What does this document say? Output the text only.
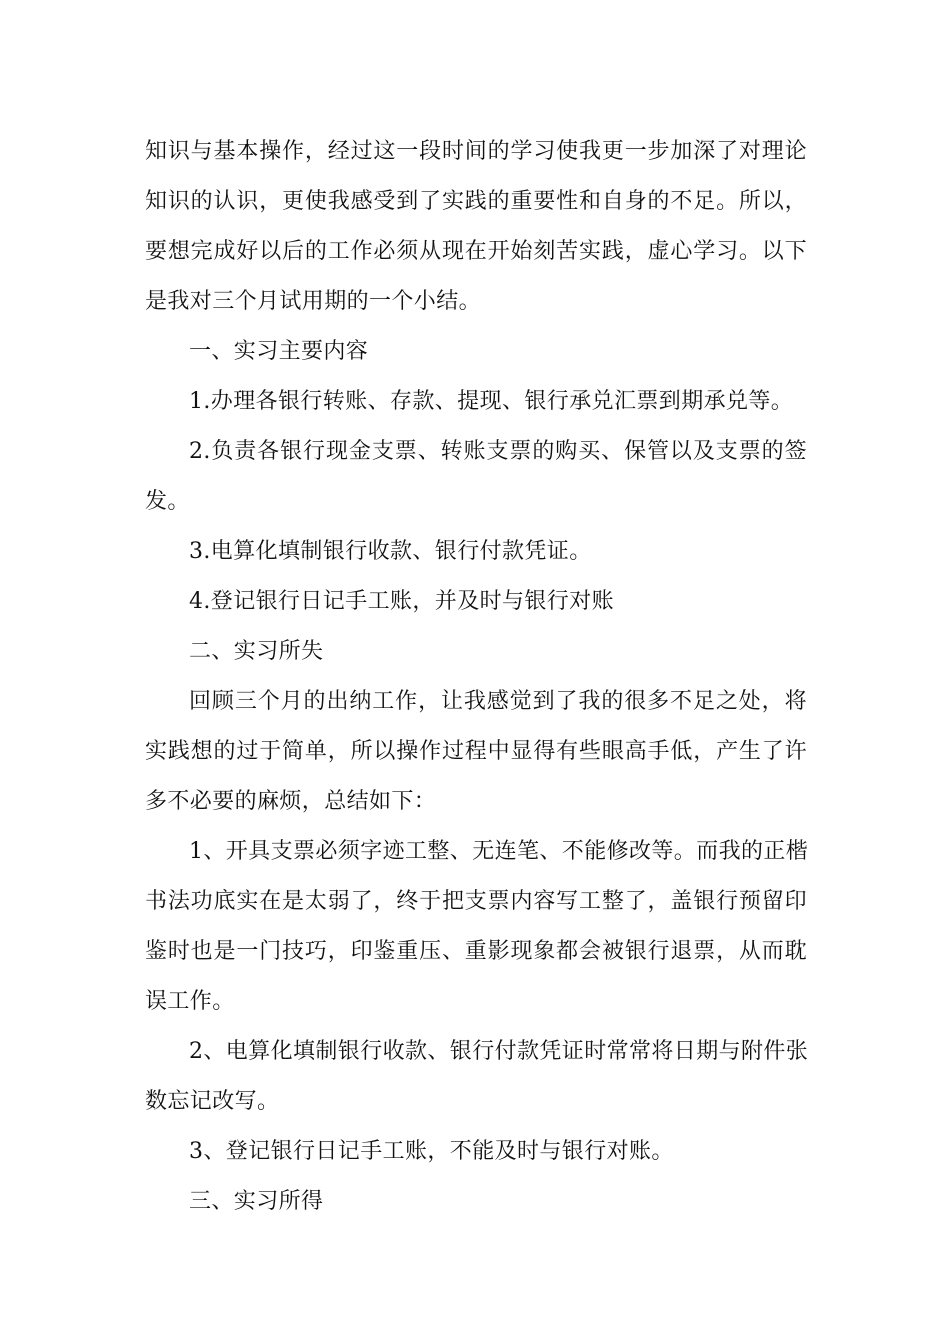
知识与基本操作，经过这一段时间的学习使我更一步加深了对理论
知识的认识，更使我感受到了实践的重要性和自身的不足。所以，
要想完成好以后的工作必须从现在开始刻苦实践，虚心学习。以下
是我对三个月试用期的一个小结。
一、实习主要内容
1.办理各银行转账、存款、提现、银行承兑汇票到期承兑等。
2.负责各银行现金支票、转账支票的购买、保管以及支票的签
发。
3.电算化填制银行收款、银行付款凭证。
4.登记银行日记手工账，并及时与银行对账
二、实习所失
回顾三个月的出纳工作，让我感觉到了我的很多不足之处，将
实践想的过于简单，所以操作过程中显得有些眼高手低，产生了许
多不必要的麻烦，总结如下：
1、开具支票必须字迹工整、无连笔、不能修改等。而我的正楷
书法功底实在是太弱了，终于把支票内容写工整了，盖银行预留印
鉴时也是一门技巧，印鉴重压、重影现象都会被银行退票，从而耽
误工作。
2、电算化填制银行收款、银行付款凭证时常常将日期与附件张
数忘记改写。
3、登记银行日记手工账，不能及时与银行对账。
三、实习所得
